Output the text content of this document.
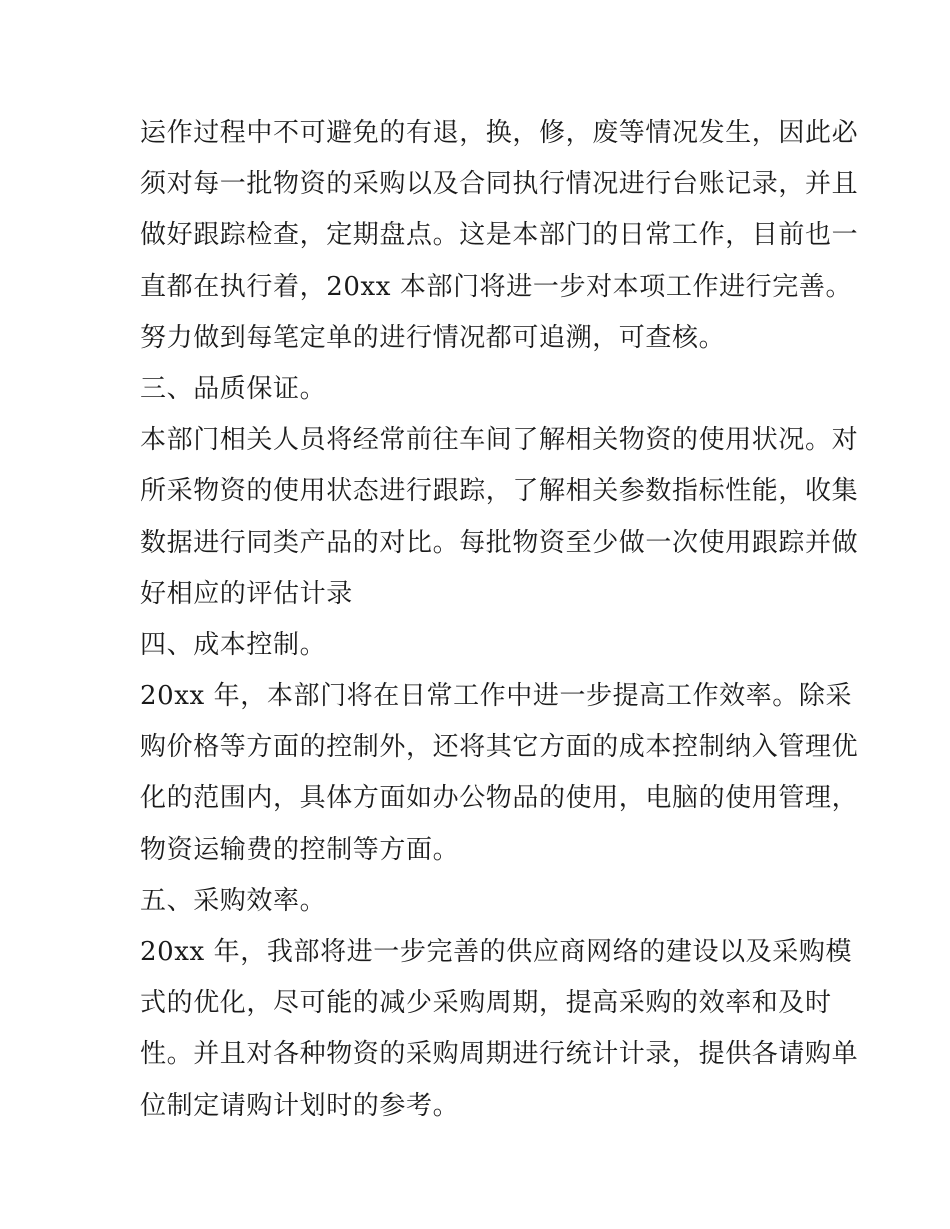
运作过程中不可避免的有退，换，修，废等情况发生，因此必
须对每一批物资的采购以及合同执行情况进行台账记录，并且
做好跟踪检查，定期盘点。这是本部门的日常工作，目前也一
直都在执行着，20xx 本部门将进一步对本项工作进行完善。
努力做到每笔定单的进行情况都可追溯，可查核。
三、品质保证。
本部门相关人员将经常前往车间了解相关物资的使用状况。对
所采物资的使用状态进行跟踪，了解相关参数指标性能，收集
数据进行同类产品的对比。每批物资至少做一次使用跟踪并做
好相应的评估计录
四、成本控制。
20xx 年，本部门将在日常工作中进一步提高工作效率。除采
购价格等方面的控制外，还将其它方面的成本控制纳入管理优
化的范围内，具体方面如办公物品的使用，电脑的使用管理，
物资运输费的控制等方面。
五、采购效率。
20xx 年，我部将进一步完善的供应商网络的建设以及采购模
式的优化，尽可能的减少采购周期，提高采购的效率和及时
性。并且对各种物资的采购周期进行统计计录，提供各请购单
位制定请购计划时的参考。
